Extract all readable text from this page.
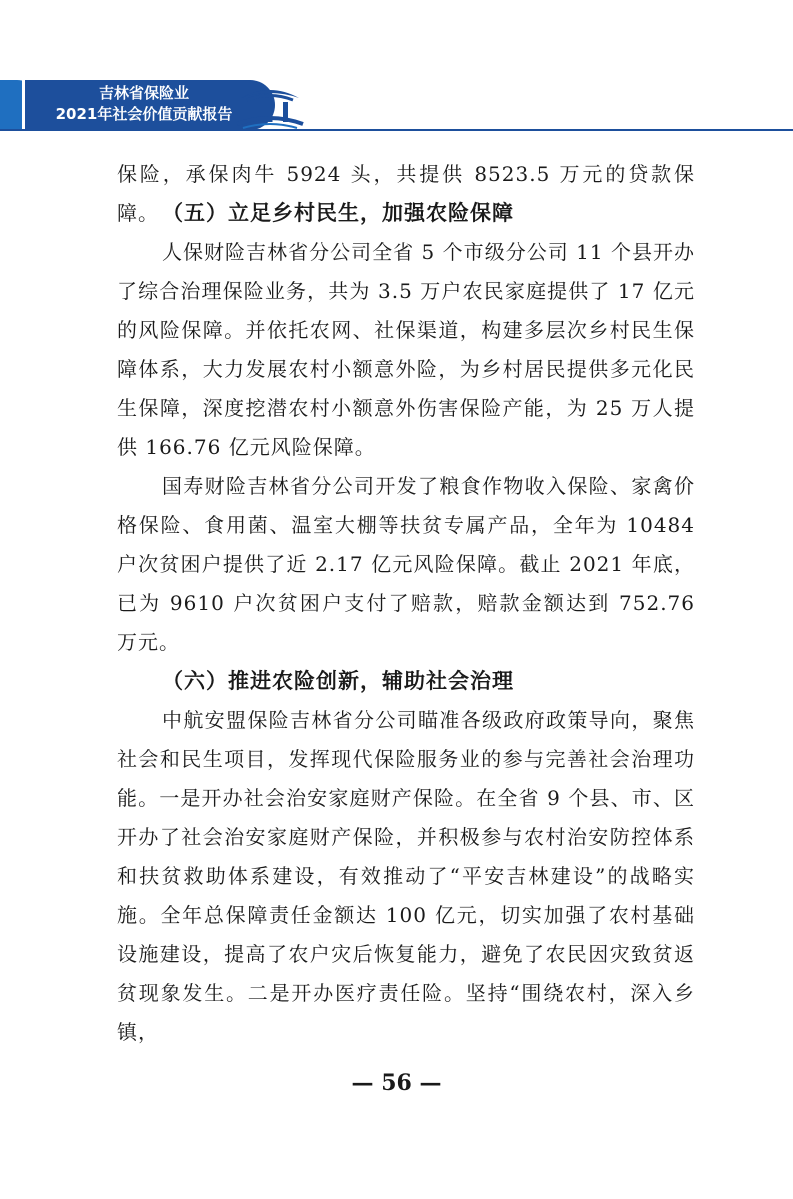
吉林省保险业
2021年社会价值贡献报告

保险，承保肉牛 5924 头，共提供 8523.5 万元的贷款保障。 （五）立足乡村民生，加强农险保障

人保财险吉林省分公司全省 5 个市级分公司 11 个县开办了综合治理保险业务，共为 3.5 万户农民家庭提供了 17 亿元的风险保障。并依托农网、社保渠道，构建多层次乡村民生保障体系，大力发展农村小额意外险，为乡村居民提供多元化民生保障，深度挖潜农村小额意外伤害保险产能，为 25 万人提供 166.76 亿元风险保障。

国寿财险吉林省分公司开发了粮食作物收入保险、家禽价格保险、食用菌、温室大棚等扶贫专属产品，全年为 10484 户次贫困户提供了近 2.17 亿元风险保障。截止 2021 年底，已为 9610 户次贫困户支付了赔款，赔款金额达到 752.76 万元。

（六）推进农险创新，辅助社会治理

中航安盟保险吉林省分公司瞄准各级政府政策导向，聚焦社会和民生项目，发挥现代保险服务业的参与完善社会治理功能。一是开办社会治安家庭财产保险。在全省 9 个县、市、区开办了社会治安家庭财产保险，并积极参与农村治安防控体系和扶贫救助体系建设，有效推动了“平安吉林建设”的战略实施。全年总保障责任金额达 100 亿元，切实加强了农村基础设施建设，提高了农户灾后恢复能力，避免了农民因灾致贫返贫现象发生。二是开办医疗责任险。坚持“围绕农村，深入乡镇，

— 56 —
